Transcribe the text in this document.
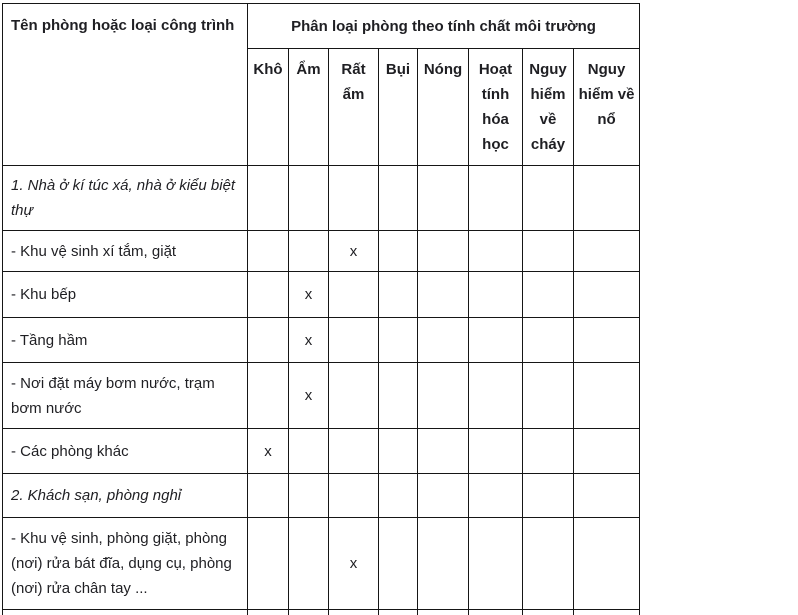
Tên phòng hoặc loại công trình	Phân loại phòng theo tính chất môi trường							
	Khô	Ẩm	Rất ẩm	Bụi	Nóng	Hoạt tính hóa học	Nguy hiểm về cháy	Nguy hiểm về nổ
1. Nhà ở kí túc xá, nhà ở kiểu biệt thự								
- Khu vệ sinh xí tắm, giặt			x					
- Khu bếp		x						
- Tầng hầm		x						
- Nơi đặt máy bơm nước, trạm bơm nước		x						
- Các phòng khác	x							
2. Khách sạn, phòng nghỉ								
- Khu vệ sinh, phòng giặt, phòng (nơi) rửa bát đĩa, dụng cụ, phòng (nơi) rửa chân tay ...			x					
